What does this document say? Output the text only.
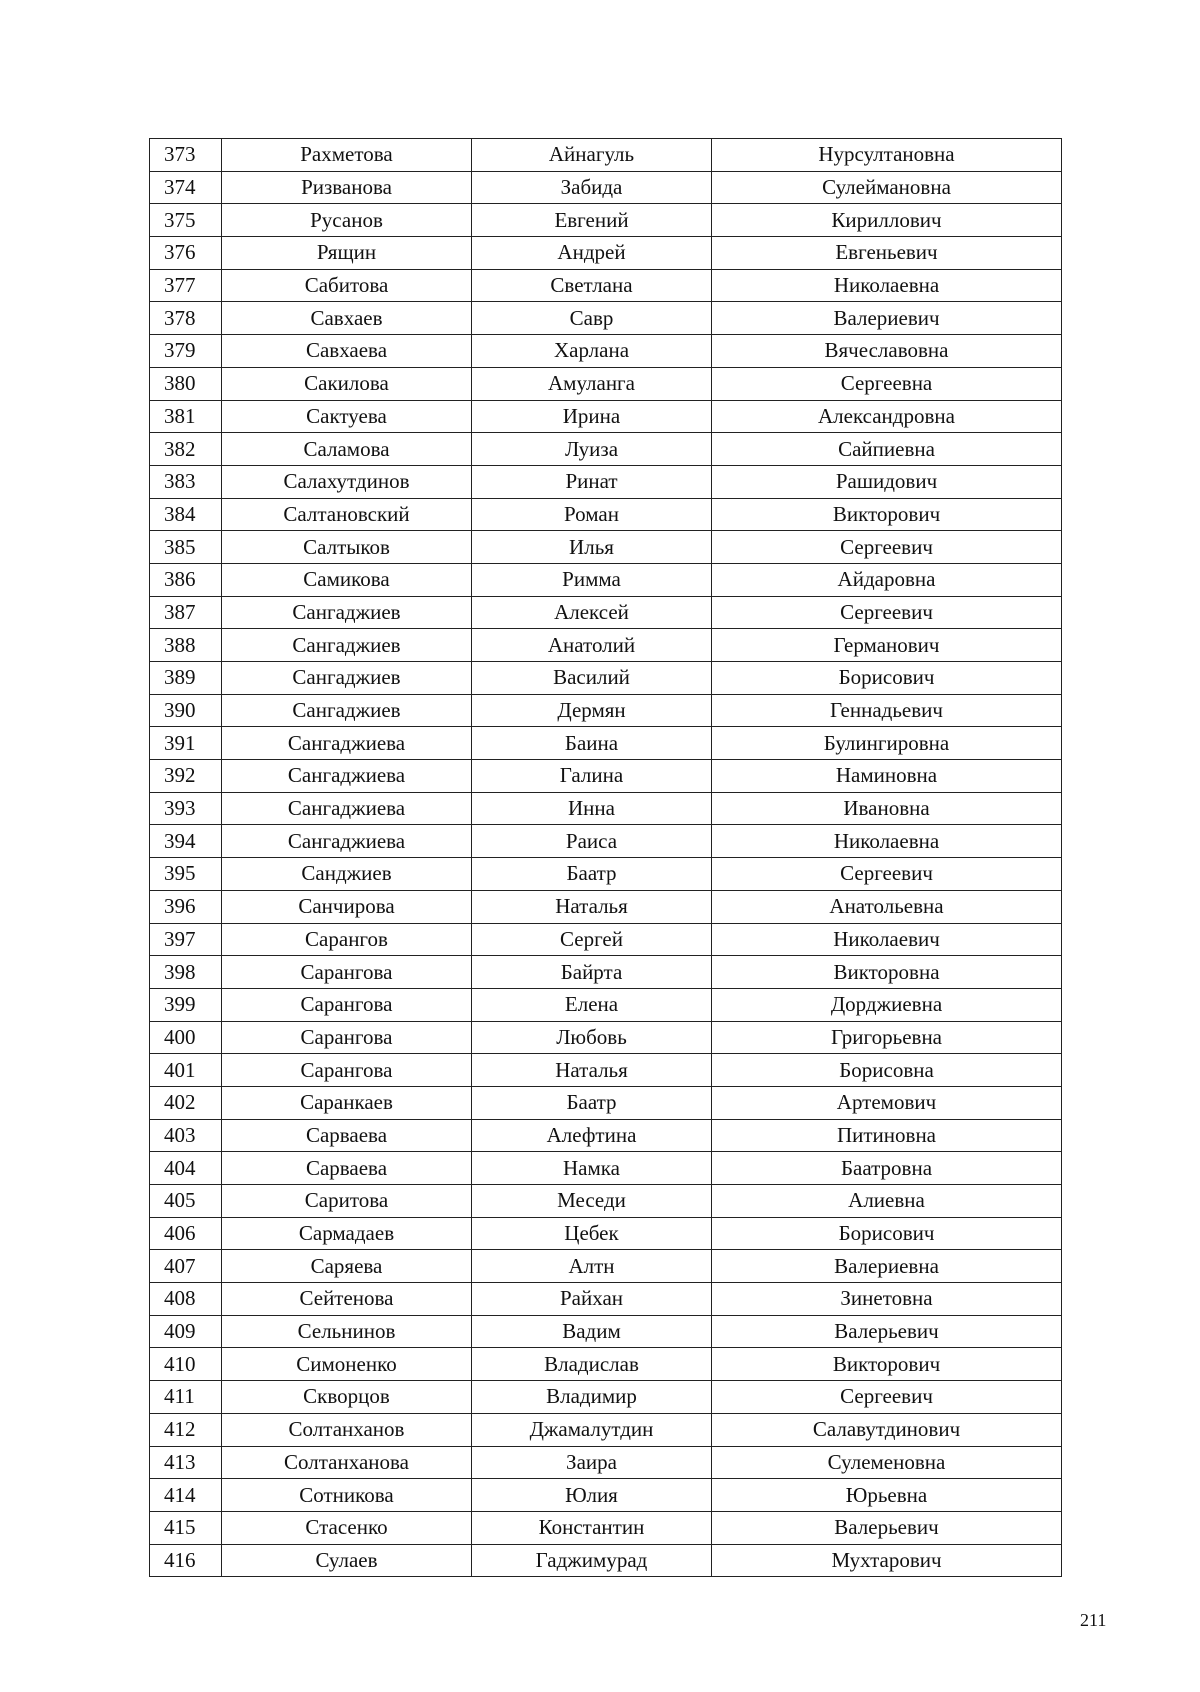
373	Рахметова	Айнагуль	Нурсултановна
374	Ризванова	Забида	Сулеймановна
375	Русанов	Евгений	Кириллович
376	Рящин	Андрей	Евгеньевич
377	Сабитова	Светлана	Николаевна
378	Савхаев	Савр	Валериевич
379	Савхаева	Харлана	Вячеславовна
380	Сакилова	Амуланга	Сергеевна
381	Сактуева	Ирина	Александровна
382	Саламова	Луиза	Сайпиевна
383	Салахутдинов	Ринат	Рашидович
384	Салтановский	Роман	Викторович
385	Салтыков	Илья	Сергеевич
386	Самикова	Римма	Айдаровна
387	Сангаджиев	Алексей	Сергеевич
388	Сангаджиев	Анатолий	Германович
389	Сангаджиев	Василий	Борисович
390	Сангаджиев	Дермян	Геннадьевич
391	Сангаджиева	Баина	Булингировна
392	Сангаджиева	Галина	Наминовна
393	Сангаджиева	Инна	Ивановна
394	Сангаджиева	Раиса	Николаевна
395	Санджиев	Баатр	Сергеевич
396	Санчирова	Наталья	Анатольевна
397	Сарангов	Сергей	Николаевич
398	Сарангова	Байрта	Викторовна
399	Сарангова	Елена	Дорджиевна
400	Сарангова	Любовь	Григорьевна
401	Сарангова	Наталья	Борисовна
402	Саранкаев	Баатр	Артемович
403	Сарваева	Алефтина	Питиновна
404	Сарваева	Намка	Баатровна
405	Саритова	Меседи	Алиевна
406	Сармадаев	Цебек	Борисович
407	Саряева	Алтн	Валериевна
408	Сейтенова	Райхан	Зинетовна
409	Сельнинов	Вадим	Валерьевич
410	Симоненко	Владислав	Викторович
411	Скворцов	Владимир	Сергеевич
412	Солтанханов	Джамалутдин	Салавутдинович
413	Солтанханова	Заира	Сулеменовна
414	Сотникова	Юлия	Юрьевна
415	Стасенко	Константин	Валерьевич
416	Сулаев	Гаджимурад	Мухтарович
211
